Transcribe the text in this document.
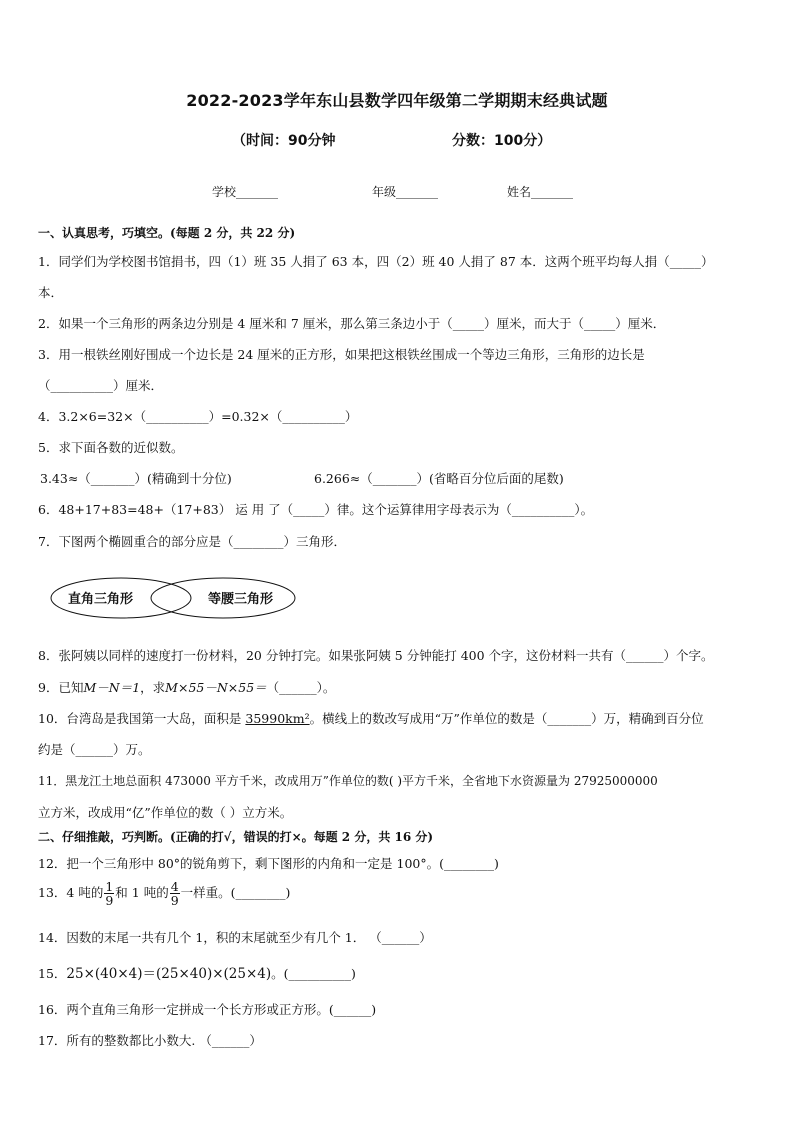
2022-2023学年东山县数学四年级第二学期期末经典试题
（时间：90分钟	分数：100分）
学校_______	年级_______	姓名_______
一、认真思考，巧填空。(每题 2 分，共 22 分)
1．同学们为学校图书馆捐书，四（1）班 35 人捐了 63 本，四（2）班 40 人捐了 87 本．这两个班平均每人捐（_____）
本．
2．如果一个三角形的两条边分别是 4 厘米和 7 厘米，那么第三条边小于（_____）厘米，而大于（_____）厘米．
3．用一根铁丝刚好围成一个边长是 24 厘米的正方形，如果把这根铁丝围成一个等边三角形，三角形的边长是
（__________）厘米．
4．3.2×6=32×（__________）=0.32×（__________）
5．求下面各数的近似数。
3.43≈（_______）(精确到十分位)	6.266≈（_______）(省略百分位后面的尾数)
6．48+17+83=48+（17+83） 运 用 了（_____）律。这个运算律用字母表示为（__________）。
7．下图两个椭圆重合的部分应是（________）三角形．
直角三角形	等腰三角形
8．张阿姨以同样的速度打一份材料，20 分钟打完。如果张阿姨 5 分钟能打 400 个字，这份材料一共有（______）个字。
9．已知M－N＝1，求M×55－N×55＝（______）。
10．台湾岛是我国第一大岛，面积是 35990km²。横线上的数改写成用“万”作单位的数是（_______）万，精确到百分位
约是（______）万。
11．黑龙江土地总面积 473000 平方千米，改成用万”作单位的数( )平方千米，全省地下水资源量为 27925000000
立方米，改成用“亿”作单位的数（ ）立方米。
二、仔细推敲，巧判断。(正确的打√，错误的打×。每题 2 分，共 16 分)
12．把一个三角形中 80°的锐角剪下，剩下图形的内角和一定是 100°。(________)
13．4 吨的 $\frac{1}{9}$ 和 1 吨的 $\frac{4}{9}$ 一样重。(________)
14．因数的末尾一共有几个 1，积的末尾就至少有几个 1． （______）
15．25×(40×4)＝(25×40)×(25×4)。(__________)
16．两个直角三角形一定拼成一个长方形或正方形。(______)
17．所有的整数都比小数大. （______）
